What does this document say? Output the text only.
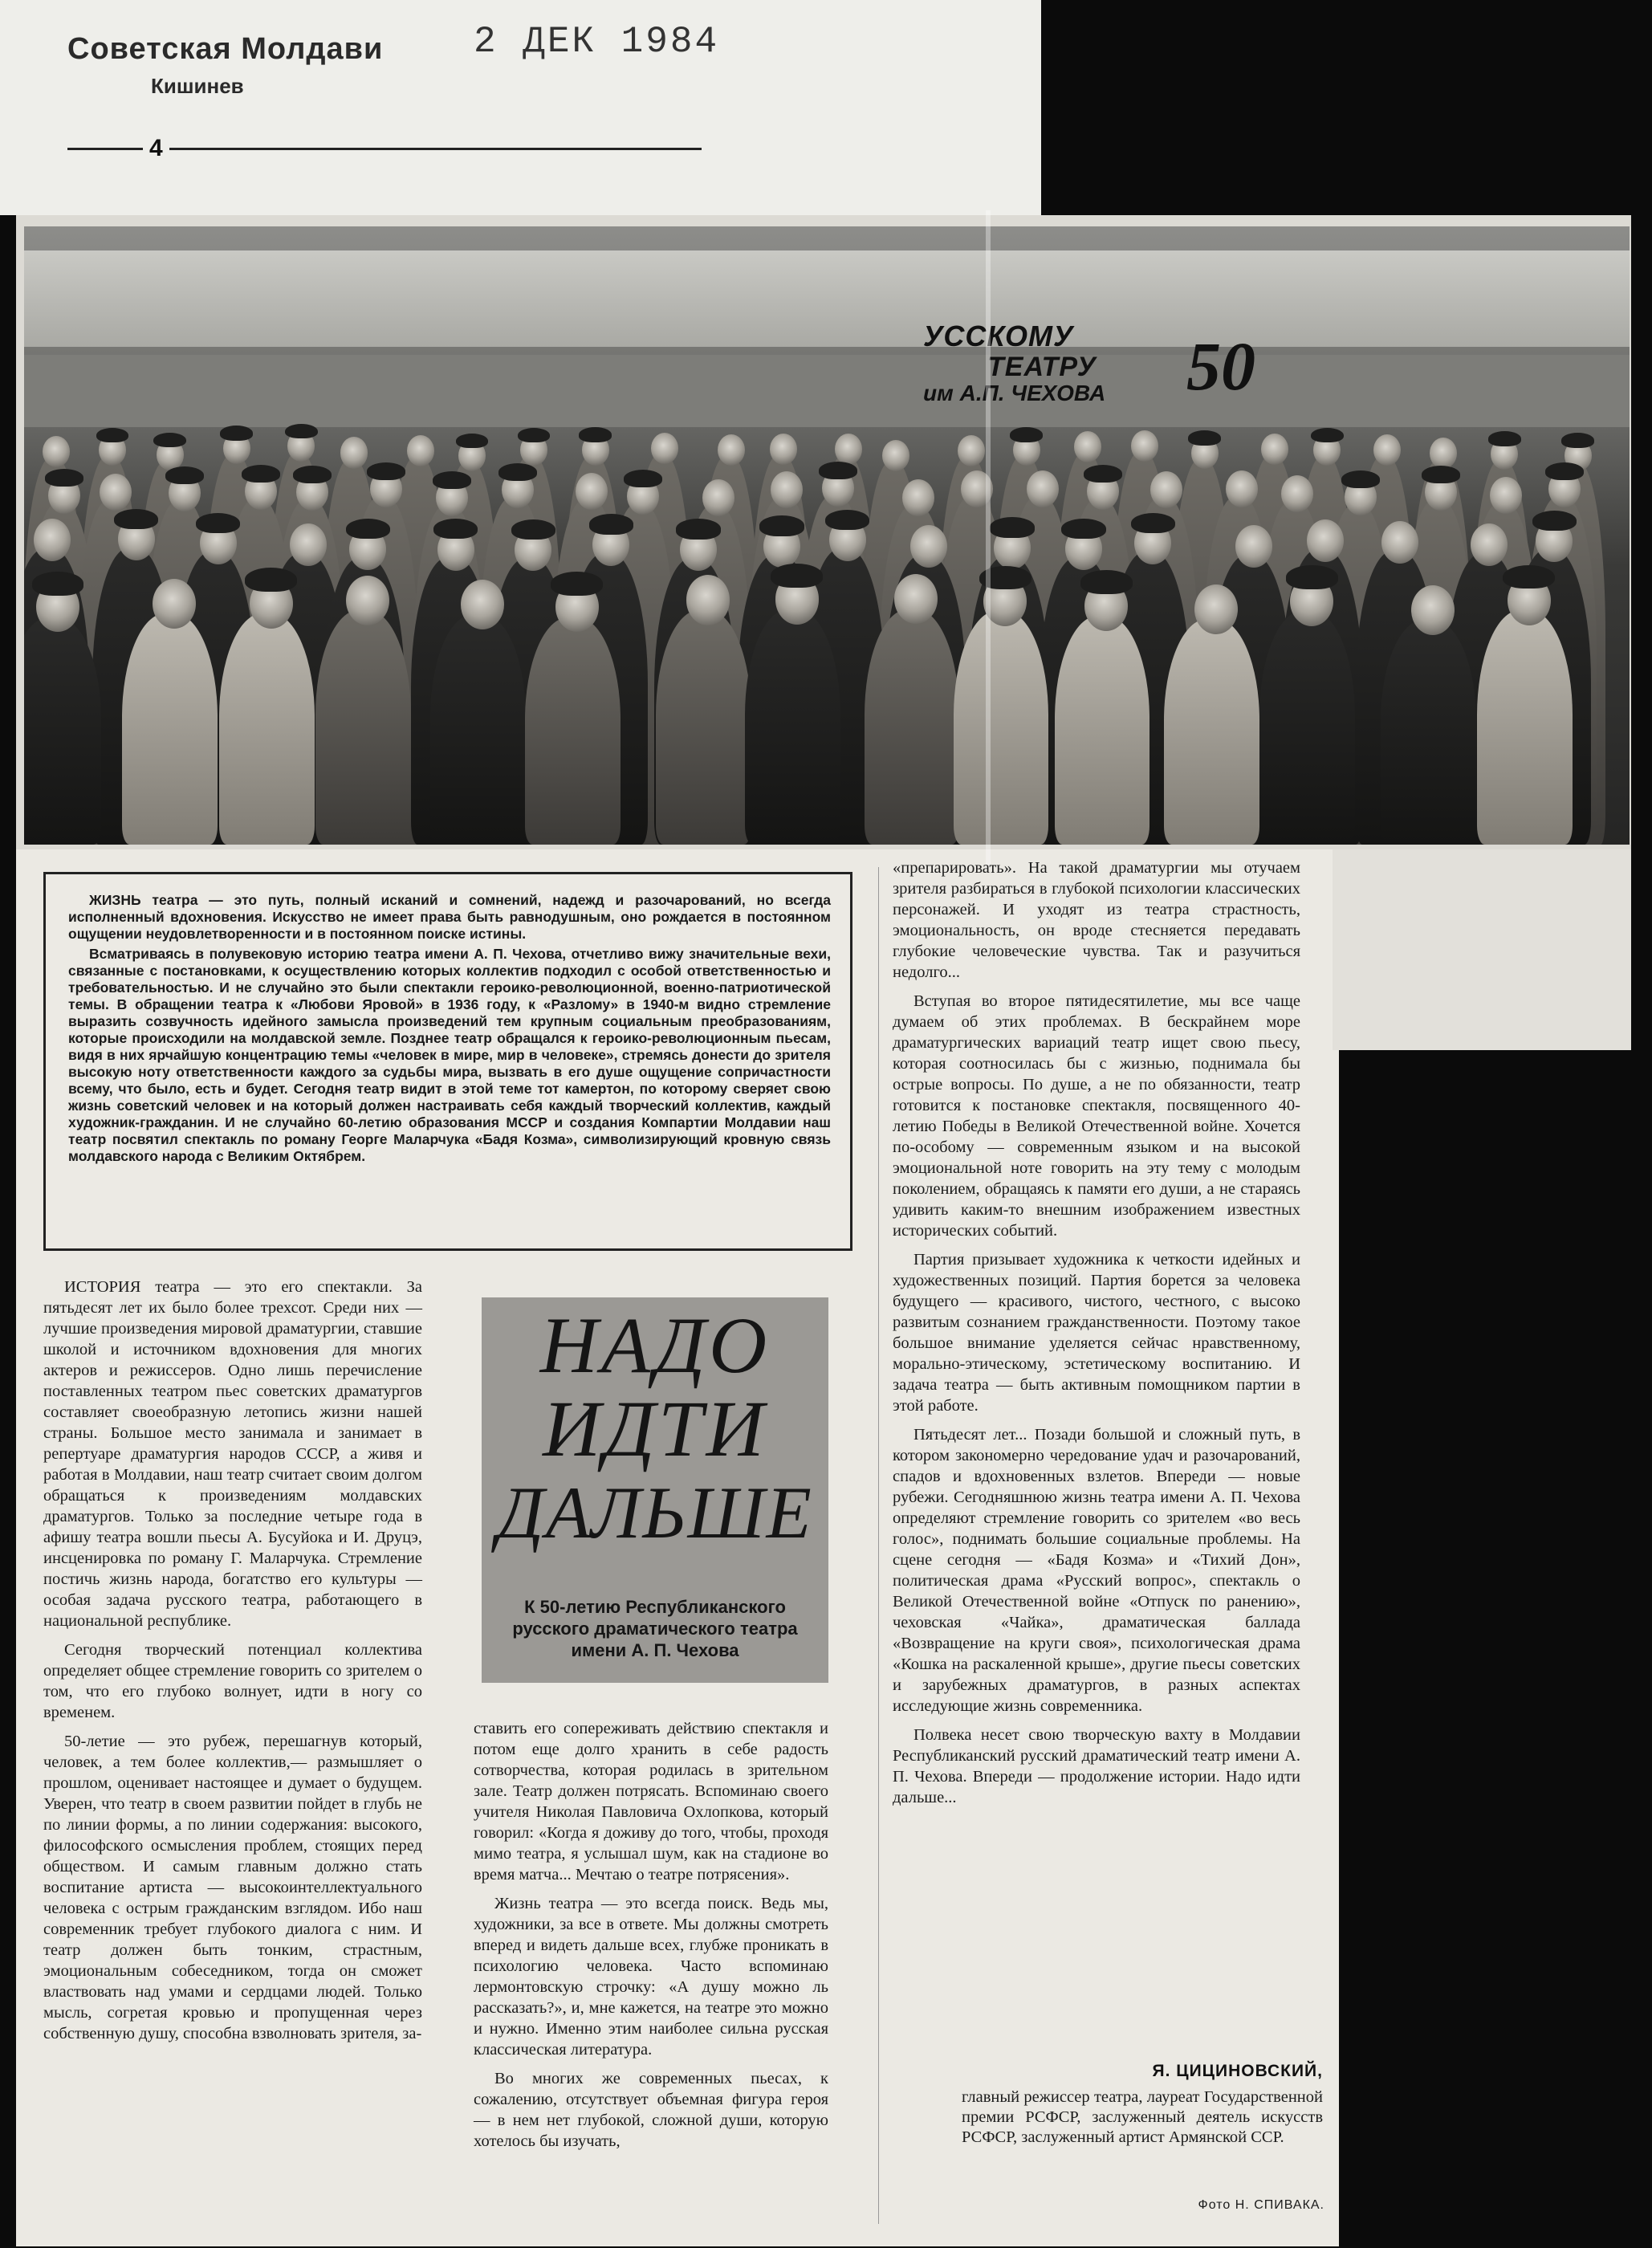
Советская Молдави
Кишинев
2 ДЕК 1984
4
УССКОМУ
ТЕАТРУ
им А.П. ЧЕХОВА 50

ЖИЗНЬ театра — это путь, полный исканий и сомнений, надежд и разочарований, но всегда исполненный вдохновения. Искусство не имеет права быть равнодушным, оно рождается в постоянном ощущении неудовлетворенности и в постоянном поиске истины.

Всматриваясь в полувековую историю театра имени А. П. Чехова, отчетливо вижу значительные вехи, связанные с постановками, к осуществлению которых коллектив подходил с особой ответственностью и требовательностью. И не случайно это были спектакли героико-революционной, военно-патриотической темы. В обращении театра к «Любови Яровой» в 1936 году, к «Разлому» в 1940-м видно стремление выразить созвучность идейного замысла произведений тем крупным социальным преобразованиям, которые происходили на молдавской земле. Позднее театр обращался к героико-революционным пьесам, видя в них ярчайшую концентрацию темы «человек в мире, мир в человеке», стремясь донести до зрителя высокую ноту ответственности каждого за судьбы мира, вызвать в его душе ощущение сопричастности всему, что было, есть и будет. Сегодня театр видит в этой теме тот камертон, по которому сверяет свою жизнь советский человек и на который должен настраивать себя каждый творческий коллектив, каждый художник-гражданин. И не случайно 60-летию образования МССР и создания Компартии Молдавии наш театр посвятил спектакль по роману Георге Маларчука «Бадя Козма», символизирующий кровную связь молдавского народа с Великим Октябрем.

НАДО
ИДТИ
ДАЛЬШЕ
К 50-летию Республиканского русского драматического театра имени А. П. Чехова

ИСТОРИЯ театра — это его спектакли. За пятьдесят лет их было более трехсот. Среди них — лучшие произведения мировой драматургии, ставшие школой и источником вдохновения для многих актеров и режиссеров. Одно лишь перечисление поставленных театром пьес советских драматургов составляет своеобразную летопись жизни нашей страны. Большое место занимала и занимает в репертуаре драматургия народов СССР, а живя и работая в Молдавии, наш театр считает своим долгом обращаться к произведениям молдавских драматургов. Только за последние четыре года в афишу театра вошли пьесы А. Бусуйока и И. Друцэ, инсценировка по роману Г. Маларчука. Стремление постичь жизнь народа, богатство его культуры — особая задача русского театра, работающего в национальной республике.

Сегодня творческий потенциал коллектива определяет общее стремление говорить со зрителем о том, что его глубоко волнует, идти в ногу со временем.

50-летие — это рубеж, перешагнув который, человек, а тем более коллектив,— размышляет о прошлом, оценивает настоящее и думает о будущем. Уверен, что театр в своем развитии пойдет в глубь не по линии формы, а по линии содержания: высокого, философского осмысления проблем, стоящих перед обществом. И самым главным должно стать воспитание артиста — высокоинтеллектуального человека с острым гражданским взглядом. Ибо наш современник требует глубокого диалога с ним. И театр должен быть тонким, страстным, эмоциональным собеседником, тогда он сможет властвовать над умами и сердцами людей. Только мысль, согретая кровью и пропущенная через собственную душу, способна взволновать зрителя, за-

ставить его сопереживать действию спектакля и потом еще долго хранить в себе радость сотворчества, которая родилась в зрительном зале. Театр должен потрясать. Вспоминаю своего учителя Николая Павловича Охлопкова, который говорил: «Когда я доживу до того, чтобы, проходя мимо театра, я услышал шум, как на стадионе во время матча... Мечтаю о театре потрясения».

Жизнь театра — это всегда поиск. Ведь мы, художники, за все в ответе. Мы должны смотреть вперед и видеть дальше всех, глубже проникать в психологию человека. Часто вспоминаю лермонтовскую строчку: «А душу можно ль рассказать?», и, мне кажется, на театре это можно и нужно. Именно этим наиболее сильна русская классическая литература.

Во многих же современных пьесах, к сожалению, отсутствует объемная фигура героя — в нем нет глубокой, сложной души, которую хотелось бы изучать,

«препарировать». На такой драматургии мы отучаем зрителя разбираться в глубокой психологии классических персонажей. И уходят из театра страстность, эмоциональность, он вроде стесняется передавать глубокие человеческие чувства. Так и разучиться недолго...

Вступая во второе пятидесятилетие, мы все чаще думаем об этих проблемах. В бескрайнем море драматургических вариаций театр ищет свою пьесу, которая соотносилась бы с жизнью, поднимала бы острые вопросы. По душе, а не по обязанности, театр готовится к постановке спектакля, посвященного 40-летию Победы в Великой Отечественной войне. Хочется по-особому — современным языком и на высокой эмоциональной ноте говорить на эту тему с молодым поколением, обращаясь к памяти его души, а не стараясь удивить каким-то внешним изображением известных исторических событий.

Партия призывает художника к четкости идейных и художественных позиций. Партия борется за человека будущего — красивого, чистого, честного, с высоко развитым сознанием гражданственности. Поэтому такое большое внимание уделяется сейчас нравственному, морально-этическому, эстетическому воспитанию. И задача театра — быть активным помощником партии в этой работе.

Пятьдесят лет... Позади большой и сложный путь, в котором закономерно чередование удач и разочарований, спадов и вдохновенных взлетов. Впереди — новые рубежи. Сегодняшнюю жизнь театра имени А. П. Чехова определяют стремление говорить со зрителем «во весь голос», поднимать большие социальные проблемы. На сцене сегодня — «Бадя Козма» и «Тихий Дон», политическая драма «Русский вопрос», спектакль о Великой Отечественной войне «Отпуск по ранению», чеховская «Чайка», драматическая баллада «Возвращение на круги своя», психологическая драма «Кошка на раскаленной крыше», другие пьесы советских и зарубежных драматургов, в разных аспектах исследующие жизнь современника.

Полвека несет свою творческую вахту в Молдавии Республиканский русский драматический театр имени А. П. Чехова. Впереди — продолжение истории. Надо идти дальше...

Я. ЦИЦИНОВСКИЙ,
главный режиссер театра, лауреат Государственной премии РСФСР, заслуженный деятель искусств РСФСР, заслуженный артист Армянской ССР.
Фото Н. СПИВАКА.
